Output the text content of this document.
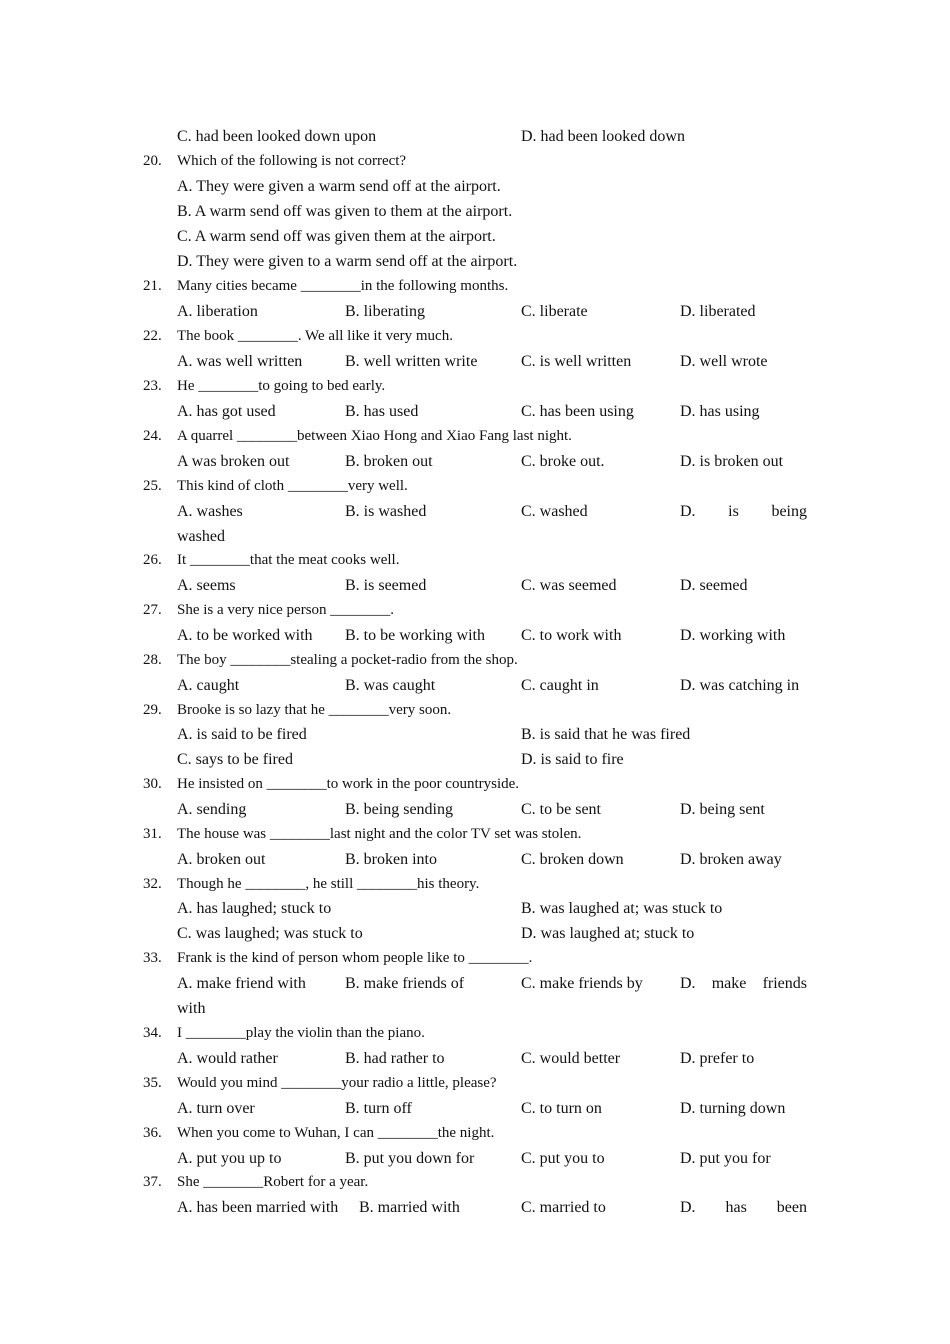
C. had been looked down upon	D. had been looked down
20. Which of the following is not correct?
A. They were given a warm send off at the airport.
B. A warm send off was given to them at the airport.
C. A warm send off was given them at the airport.
D. They were given to a warm send off at the airport.
21. Many cities became ________in the following months.
A. liberation	B. liberating	C. liberate	D. liberated
22. The book ________. We all like it very much.
A. was well written	B. well written write	C. is well written	D. well wrote
23. He ________to going to bed early.
A. has got used	B. has used	C. has been using	D. has using
24. A quarrel ________between Xiao Hong and Xiao Fang last night.
A was broken out	B. broken out	C. broke out.	D. is broken out
25. This kind of cloth ________very well.
A. washes	B. is washed	C. washed	D. is being
washed
26. It ________that the meat cooks well.
A. seems	B. is seemed	C. was seemed	D. seemed
27. She is a very nice person ________.
A. to be worked with B. to be working with C. to work with	D. working with
28. The boy ________stealing a pocket-radio from the shop.
A. caught	B. was caught	C. caught in	D. was catching in
29. Brooke is so lazy that he ________very soon.
A. is said to be fired	B. is said that he was fired
C. says to be fired	D. is said to fire
30. He insisted on ________to work in the poor countryside.
A. sending	B. being sending	C. to be sent	D. being sent
31. The house was ________last night and the color TV set was stolen.
A. broken out	B. broken into	C. broken down	D. broken away
32. Though he ________, he still ________his theory.
A. has laughed; stuck to	B. was laughed at; was stuck to
C. was laughed; was stuck to	D. was laughed at; stuck to
33. Frank is the kind of person whom people like to ________.
A. make friend with B. make friends of	C. make friends by D. make friends
with
34. I ________play the violin than the piano.
A. would rather	B. had rather to	C. would better	D. prefer to
35. Would you mind ________your radio a little, please?
A. turn over	B. turn off	C. to turn on	D. turning down
36. When you come to Wuhan, I can ________the night.
A. put you up to	B. put you down for	C. put you to	D. put you for
37. She ________Robert for a year.
A. has been married with B. married with	C. married to	D. has been
